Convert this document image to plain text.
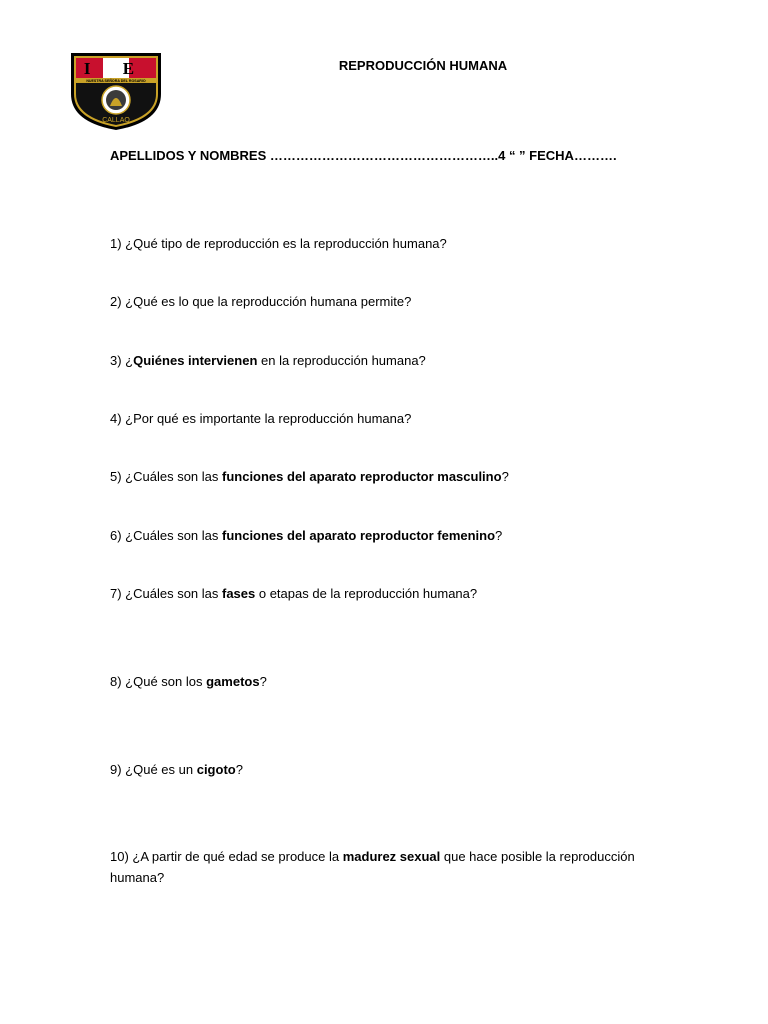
I E
NUESTRA SEÑORA DEL ROSARIO
CALLAO
REPRODUCCIÓN HUMANA
APELLIDOS Y NOMBRES ……………………………………………..4 “ ” FECHA……….
1) ¿Qué tipo de reproducción es la reproducción humana?
2) ¿Qué es lo que la reproducción humana permite?
3) ¿Quiénes intervienen en la reproducción humana?
4) ¿Por qué es importante la reproducción humana?
5) ¿Cuáles son las funciones del aparato reproductor masculino?
6) ¿Cuáles son las funciones del aparato reproductor femenino?
7) ¿Cuáles son las fases o etapas de la reproducción humana?
8) ¿Qué son los gametos?
9) ¿Qué es un cigoto?
10) ¿A partir de qué edad se produce la madurez sexual que hace posible la reproducción humana?
